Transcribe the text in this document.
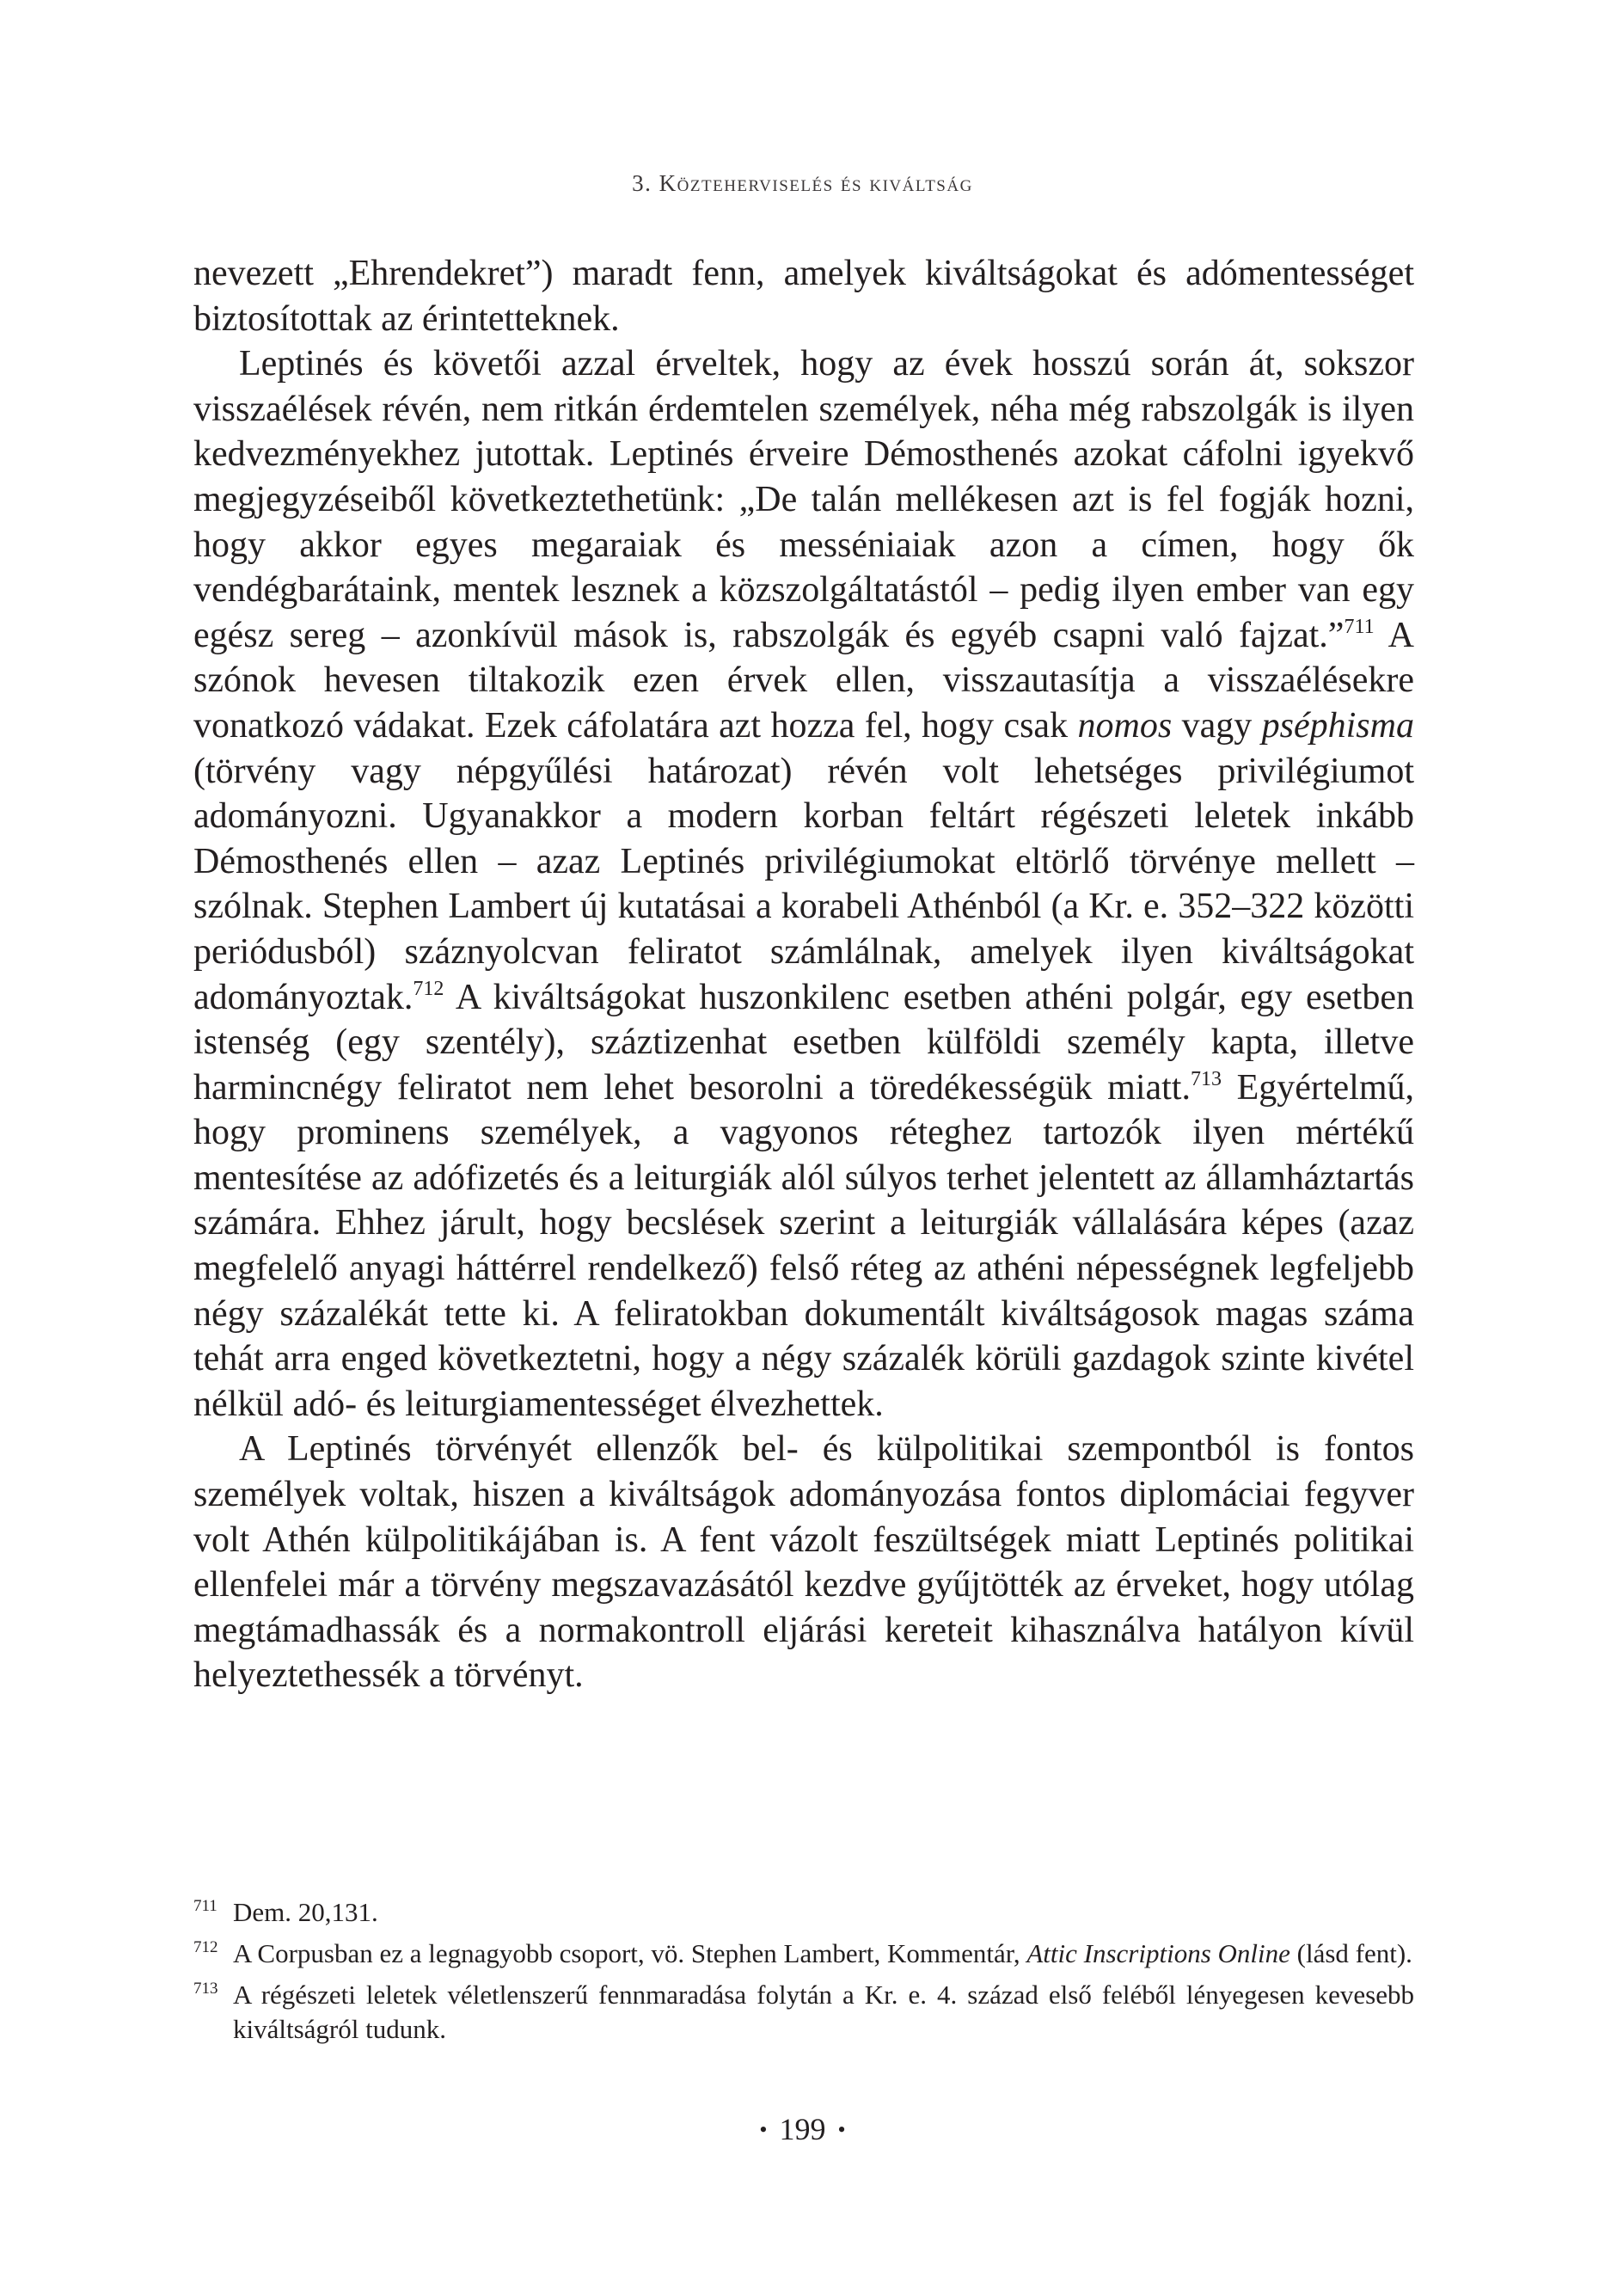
3. Közteherviselés és kiváltság

nevezett „Ehrendekret”) maradt fenn, amelyek kiváltságokat és adómentességet biztosítottak az érintetteknek.

Leptinés és követői azzal érveltek, hogy az évek hosszú során át, sokszor visszaélések révén, nem ritkán érdemtelen személyek, néha még rabszolgák is ilyen kedvezményekhez jutottak. Leptinés érveire Démosthenés azokat cáfolni igyekvő megjegyzéseiből következtethetünk: „De talán mellékesen azt is fel fogják hozni, hogy akkor egyes megaraiak és messéniaiak azon a címen, hogy ők vendégbarátaink, mentek lesznek a közszolgáltatástól – pedig ilyen ember van egy egész sereg – azonkívül mások is, rabszolgák és egyéb csapni való fajzat.”$^{711}$ A szónok hevesen tiltakozik ezen érvek ellen, visszautasítja a visszaélésekre vonatkozó vádakat. Ezek cáfolatára azt hozza fel, hogy csak nomos vagy pséphisma (törvény vagy népgyűlési határozat) révén volt lehetséges privilégiumot adományozni. Ugyanakkor a modern korban feltárt régészeti leletek inkább Démosthenés ellen – azaz Leptinés privilégiumokat eltörlő törvénye mellett – szólnak. Stephen Lambert új kutatásai a korabeli Athénból (a Kr. e. 352–322 közötti periódusból) száznyolcvan feliratot számlálnak, amelyek ilyen kiváltságokat adományoztak.$^{712}$ A kiváltságokat huszonkilenc esetben athéni polgár, egy esetben istenség (egy szentély), száztizenhat esetben külföldi személy kapta, illetve harmincnégy feliratot nem lehet besorolni a töredékességük miatt.$^{713}$ Egyértelmű, hogy prominens személyek, a vagyonos réteghez tartozók ilyen mértékű mentesítése az adófizetés és a leiturgiák alól súlyos terhet jelentett az államháztartás számára. Ehhez járult, hogy becslések szerint a leiturgiák vállalására képes (azaz megfelelő anyagi háttérrel rendelkező) felső réteg az athéni népességnek legfeljebb négy százalékát tette ki. A feliratokban dokumentált kiváltságosok magas száma tehát arra enged következtetni, hogy a négy százalék körüli gazdagok szinte kivétel nélkül adó- és leiturgiamentességet élvezhettek.

A Leptinés törvényét ellenzők bel- és külpolitikai szempontból is fontos személyek voltak, hiszen a kiváltságok adományozása fontos diplomáciai fegyver volt Athén külpolitikájában is. A fent vázolt feszültségek miatt Leptinés politikai ellenfelei már a törvény megszavazásától kezdve gyűjtötték az érveket, hogy utólag megtámadhassák és a normakontroll eljárási kereteit kihasználva hatályon kívül helyeztethessék a törvényt.

711 Dem. 20,131.
712 A Corpusban ez a legnagyobb csoport, vö. Stephen Lambert, Kommentár, Attic Inscriptions Online (lásd fent).
713 A régészeti leletek véletlenszerű fennmaradása folytán a Kr. e. 4. század első feléből lényegesen kevesebb kiváltságról tudunk.
• 199 •
